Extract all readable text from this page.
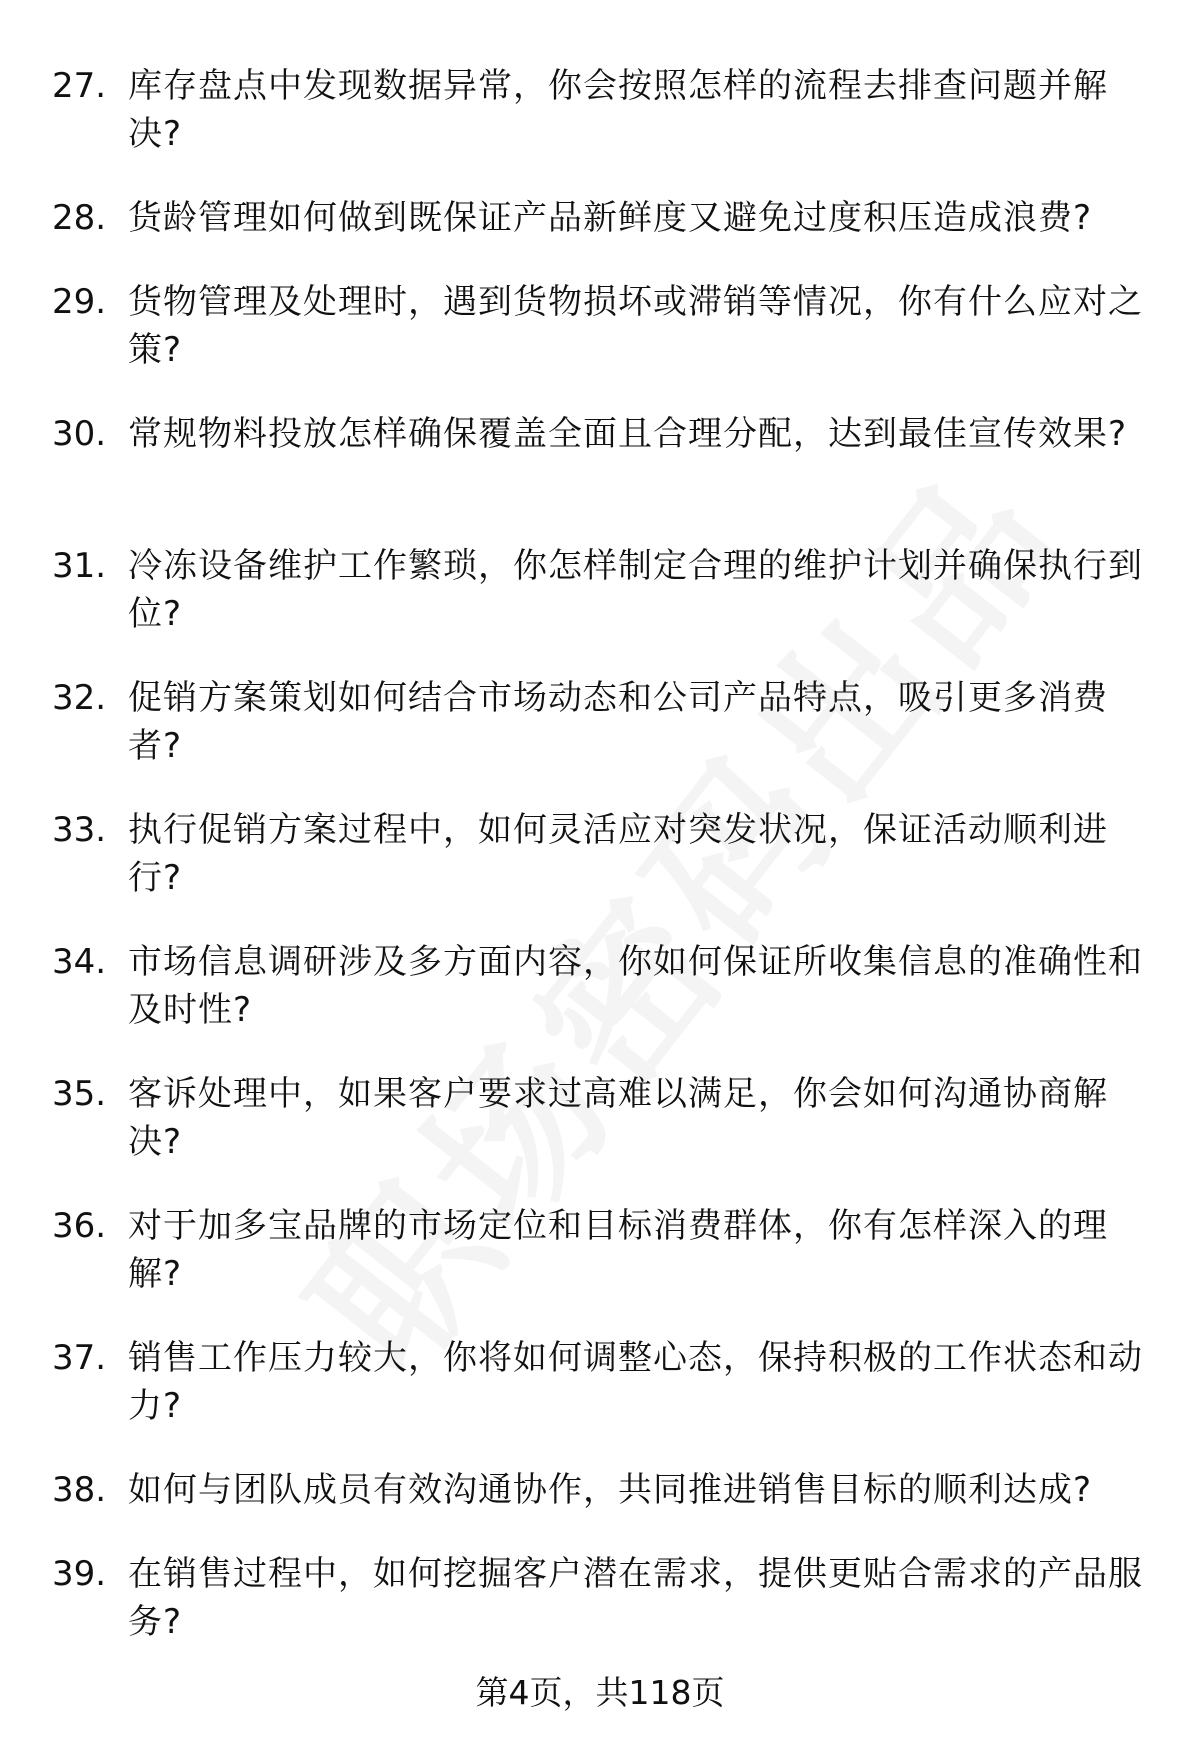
27. 库存盘点中发现数据异常，你会按照怎样的流程去排查问题并解决?
28. 货龄管理如何做到既保证产品新鲜度又避免过度积压造成浪费?
29. 货物管理及处理时，遇到货物损坏或滞销等情况，你有什么应对之策?
30. 常规物料投放怎样确保覆盖全面且合理分配，达到最佳宣传效果?
31. 冷冻设备维护工作繁琐，你怎样制定合理的维护计划并确保执行到位?
32. 促销方案策划如何结合市场动态和公司产品特点，吸引更多消费者?
33. 执行促销方案过程中，如何灵活应对突发状况，保证活动顺利进行?
34. 市场信息调研涉及多方面内容，你如何保证所收集信息的准确性和及时性?
35. 客诉处理中，如果客户要求过高难以满足，你会如何沟通协商解决?
36. 对于加多宝品牌的市场定位和目标消费群体，你有怎样深入的理解?
37. 销售工作压力较大，你将如何调整心态，保持积极的工作状态和动力?
38. 如何与团队成员有效沟通协作，共同推进销售目标的顺利达成?
39. 在销售过程中，如何挖掘客户潜在需求，提供更贴合需求的产品服务?
第4页，共118页
